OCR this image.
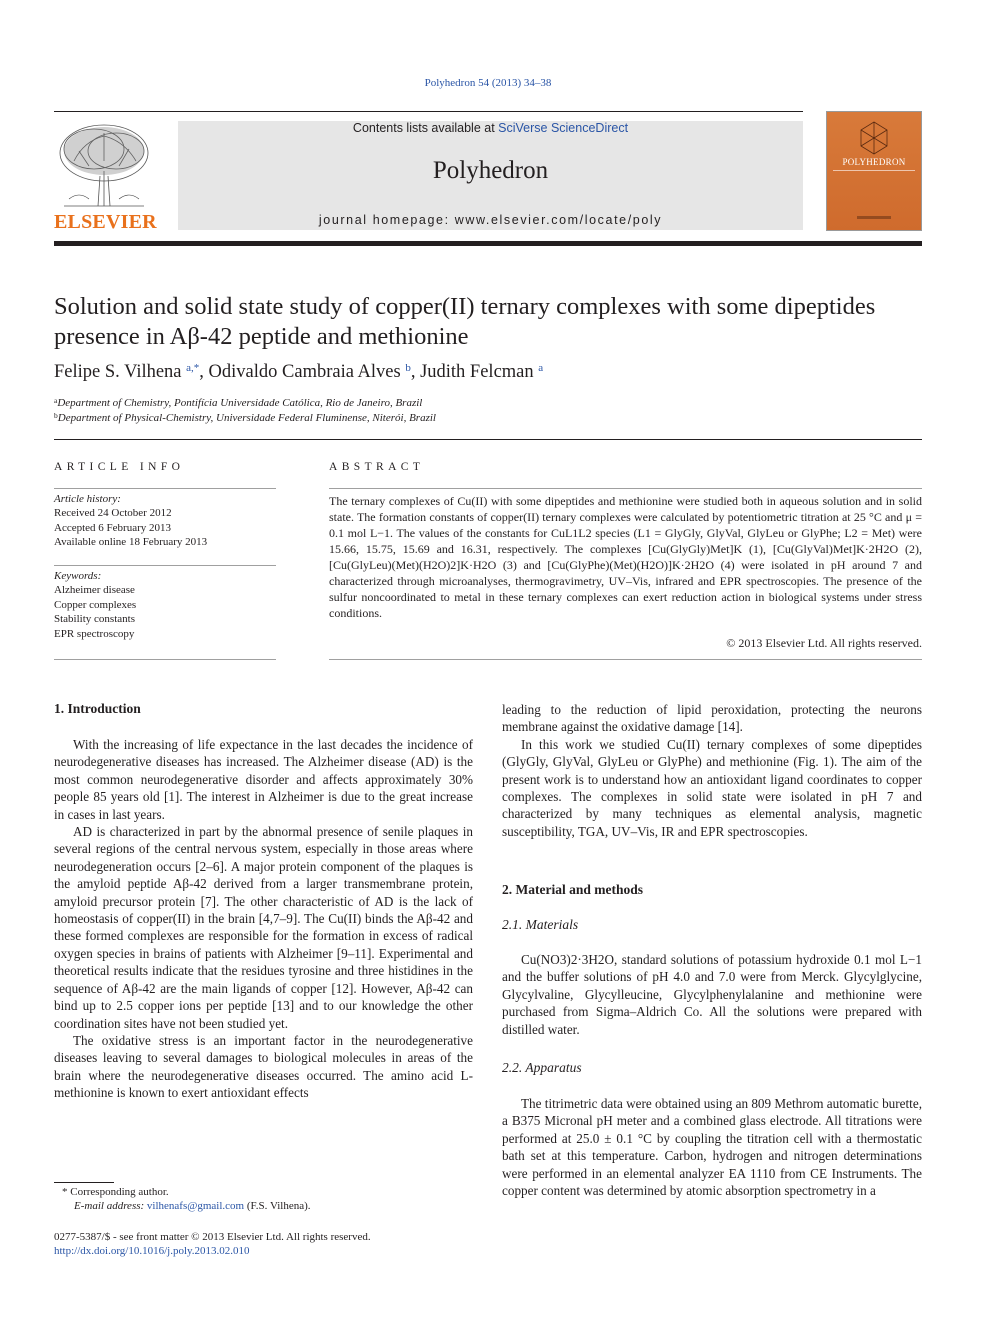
Polyhedron 54 (2013) 34–38
ELSEVIER
Contents lists available at SciVerse ScienceDirect
Polyhedron
journal homepage: www.elsevier.com/locate/poly
POLYHEDRON
Solution and solid state study of copper(II) ternary complexes with some dipeptides presence in Aβ-42 peptide and methionine
Felipe S. Vilhena $^{a,*}$, Odivaldo Cambraia Alves $^b$, Judith Felcman $^a$
$^a$Department of Chemistry, Pontifícia Universidade Católica, Rio de Janeiro, Brazil
$^b$Department of Physical-Chemistry, Universidade Federal Fluminense, Niterói, Brazil
ARTICLE INFO
Article history:
Received 24 October 2012
Accepted 6 February 2013
Available online 18 February 2013
Keywords:
Alzheimer disease
Copper complexes
Stability constants
EPR spectroscopy
ABSTRACT
The ternary complexes of Cu(II) with some dipeptides and methionine were studied both in aqueous solution and in solid state. The formation constants of copper(II) ternary complexes were calculated by potentiometric titration at 25 °C and μ = 0.1 mol L−1. The values of the constants for CuL1L2 species (L1 = GlyGly, GlyVal, GlyLeu or GlyPhe; L2 = Met) were 15.66, 15.75, 15.69 and 16.31, respectively. The complexes [Cu(GlyGly)Met]K (1), [Cu(GlyVal)Met]K·2H2O (2), [Cu(GlyLeu)(Met)(H2O)2]K·H2O (3) and [Cu(GlyPhe)(Met)(H2O)]K·2H2O (4) were isolated in pH around 7 and characterized through microanalyses, thermogravimetry, UV–Vis, infrared and EPR spectroscopies. The presence of the sulfur noncoordinated to metal in these ternary complexes can exert reduction action in biological systems under stress conditions.
© 2013 Elsevier Ltd. All rights reserved.
1. Introduction

With the increasing of life expectance in the last decades the incidence of neurodegenerative diseases has increased. The Alzheimer disease (AD) is the most common neurodegenerative disorder and affects approximately 30% people 85 years old [1]. The interest in Alzheimer is due to the great increase in cases in last years.

AD is characterized in part by the abnormal presence of senile plaques in several regions of the central nervous system, especially in those areas where neurodegeneration occurs [2–6]. A major protein component of the plaques is the amyloid peptide Aβ-42 derived from a larger transmembrane protein, amyloid precursor protein [7]. The other characteristic of AD is the lack of homeostasis of copper(II) in the brain [4,7–9]. The Cu(II) binds the Aβ-42 and these formed complexes are responsible for the formation in excess of radical oxygen species in brains of patients with Alzheimer [9–11]. Experimental and theoretical results indicate that the residues tyrosine and three histidines in the sequence of Aβ-42 are the main ligands of copper [12]. However, Aβ-42 can bind up to 2.5 copper ions per peptide [13] and to our knowledge the other coordination sites have not been studied yet.

The oxidative stress is an important factor in the neurodegenerative diseases leaving to several damages to biological molecules in areas of the brain where the neurodegenerative diseases occurred. The amino acid L-methionine is known to exert antioxidant effects

leading to the reduction of lipid peroxidation, protecting the neurons membrane against the oxidative damage [14].

In this work we studied Cu(II) ternary complexes of some dipeptides (GlyGly, GlyVal, GlyLeu or GlyPhe) and methionine (Fig. 1). The aim of the present work is to understand how an antioxidant ligand coordinates to copper complexes. The complexes in solid state were isolated in pH 7 and characterized by many techniques as elemental analysis, magnetic susceptibility, TGA, UV–Vis, IR and EPR spectroscopies.

2. Material and methods
2.1. Materials

Cu(NO3)2·3H2O, standard solutions of potassium hydroxide 0.1 mol L−1 and the buffer solutions of pH 4.0 and 7.0 were from Merck. Glycylglycine, Glycylvaline, Glycylleucine, Glycylphenylalanine and methionine were purchased from Sigma–Aldrich Co. All the solutions were prepared with distilled water.

2.2. Apparatus

The titrimetric data were obtained using an 809 Methrom automatic burette, a B375 Micronal pH meter and a combined glass electrode. All titrations were performed at 25.0 ± 0.1 °C by coupling the titration cell with a thermostatic bath set at this temperature. Carbon, hydrogen and nitrogen determinations were performed in an elemental analyzer EA 1110 from CE Instruments. The copper content was determined by atomic absorption spectrometry in a

* Corresponding author.
E-mail address: vilhenafs@gmail.com (F.S. Vilhena).
0277-5387/$ - see front matter © 2013 Elsevier Ltd. All rights reserved.
http://dx.doi.org/10.1016/j.poly.2013.02.010
